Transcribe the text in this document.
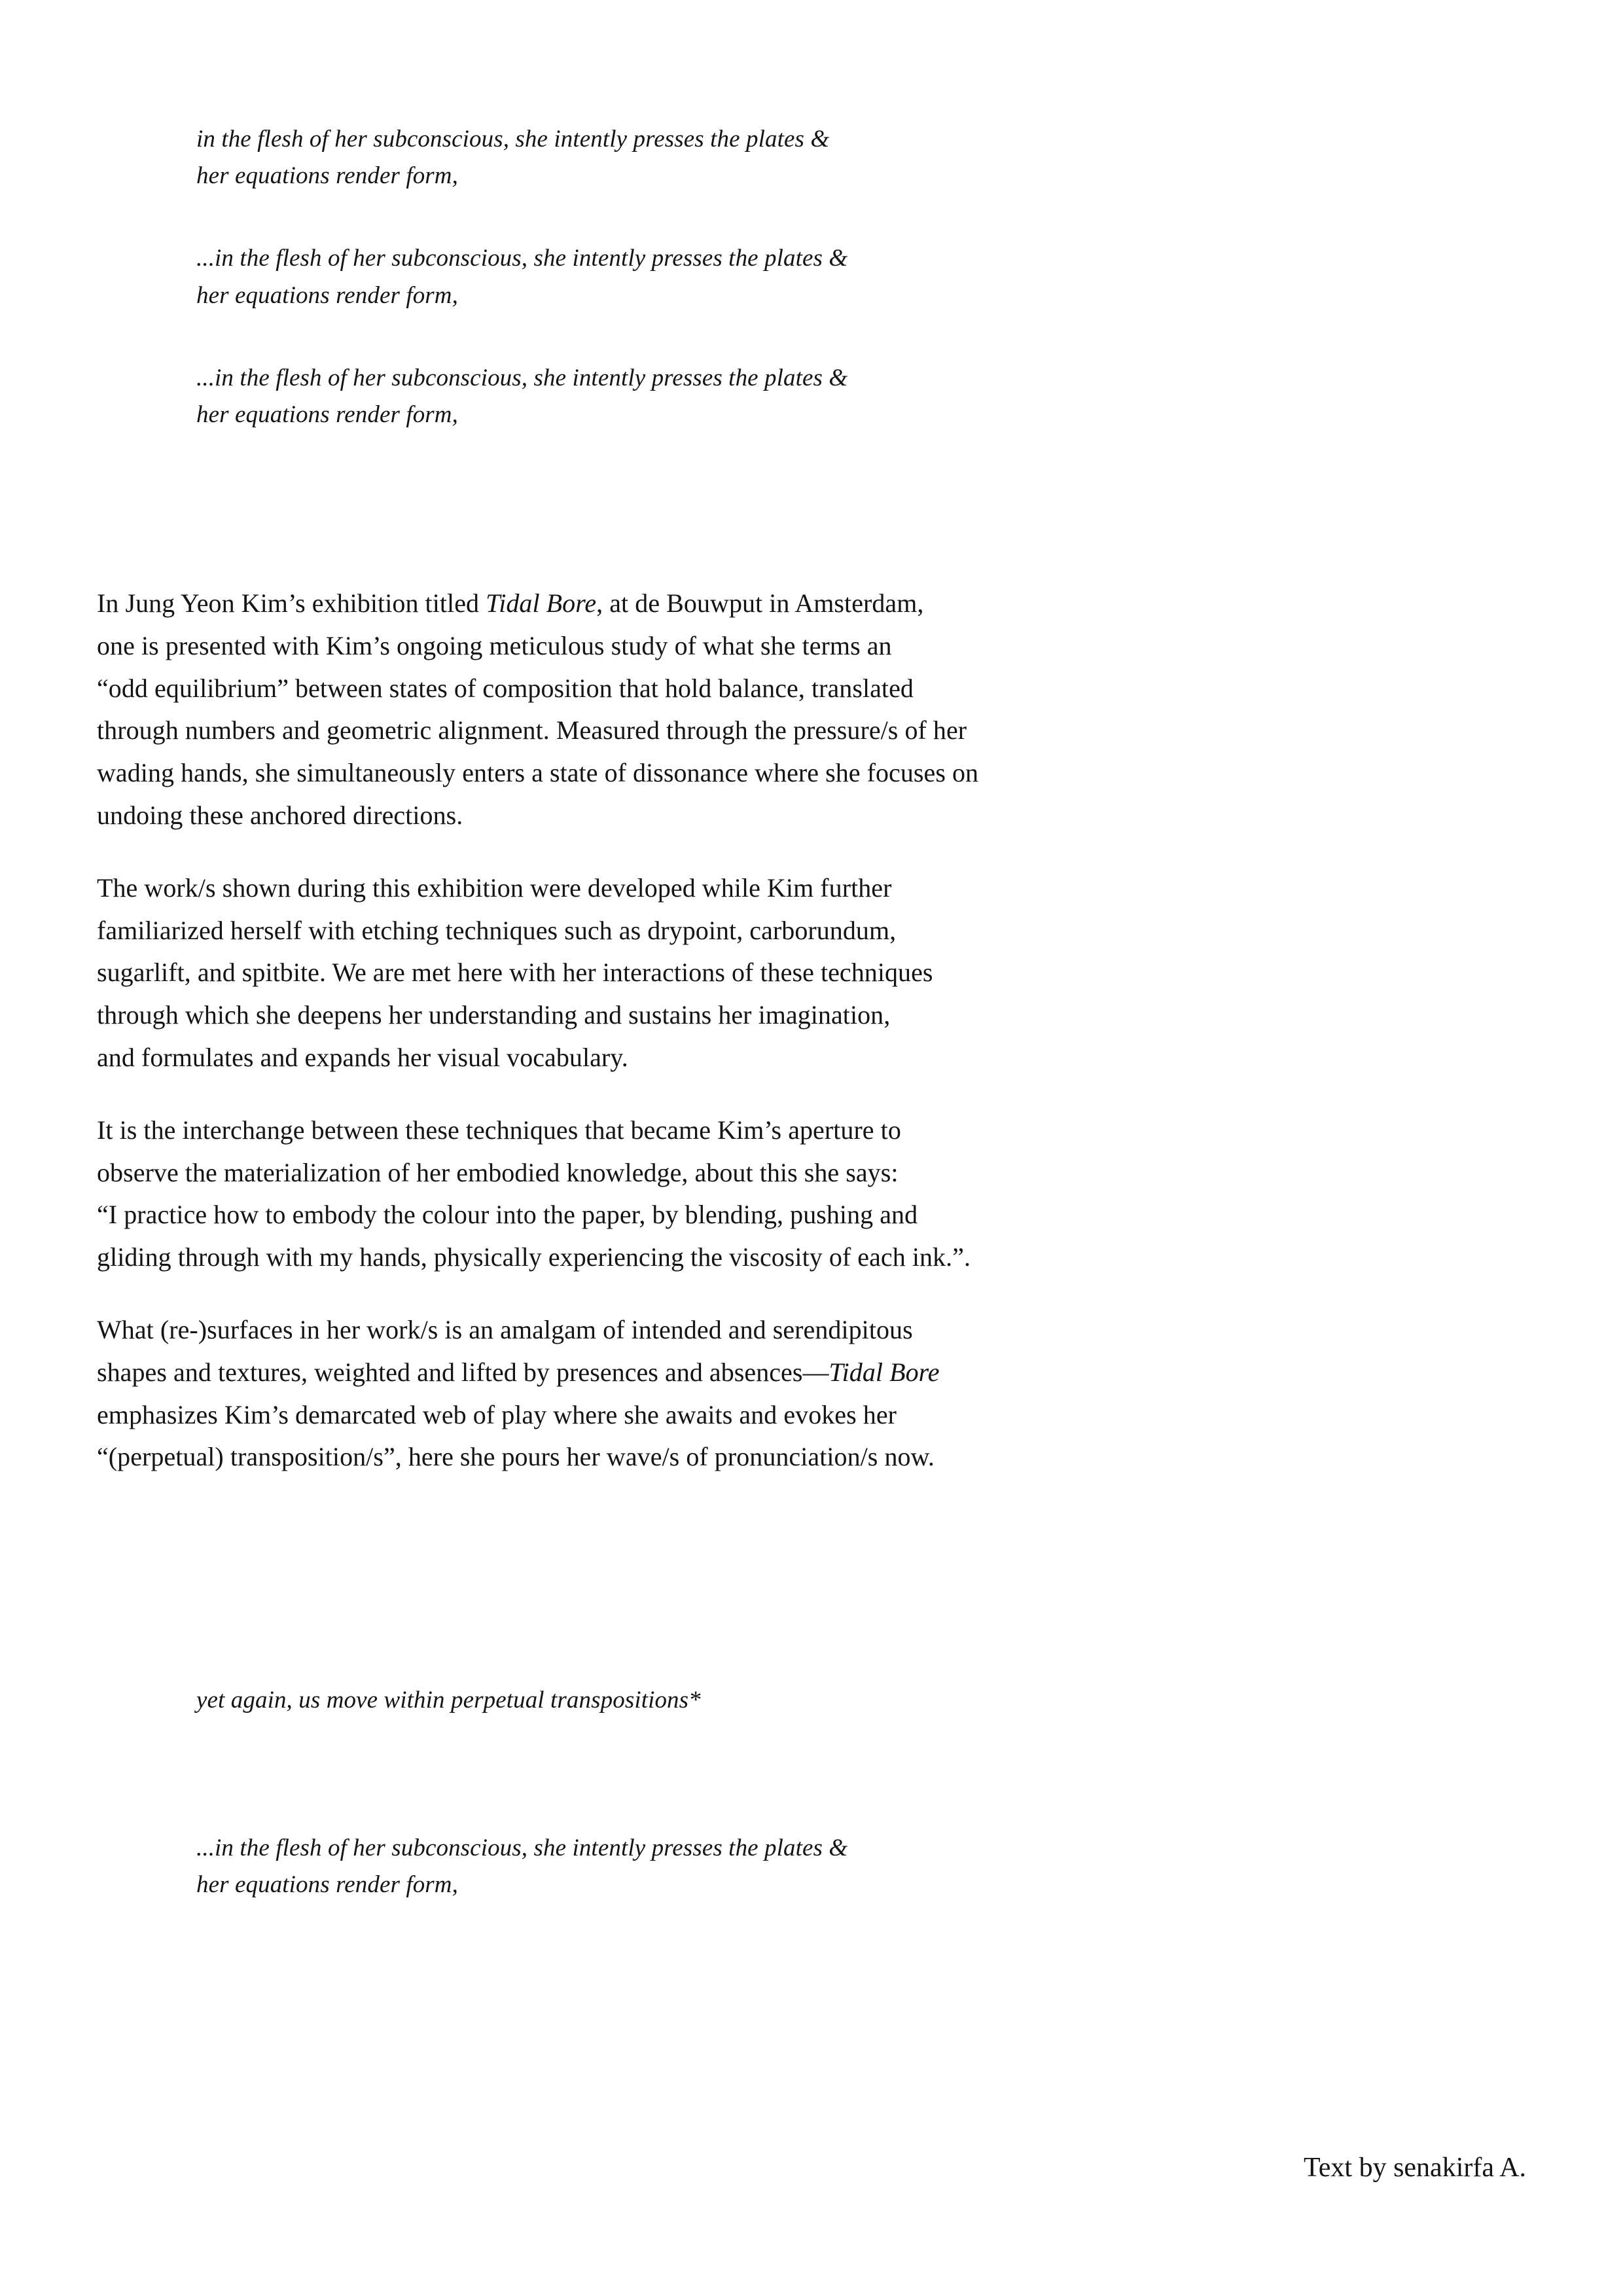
in the flesh of her subconscious, she intently presses the plates &
her equations render form,
...in the flesh of her subconscious, she intently presses the plates &
her equations render form,
...in the flesh of her subconscious, she intently presses the plates &
her equations render form,

In Jung Yeon Kim’s exhibition titled Tidal Bore, at de Bouwput in Amsterdam,
one is presented with Kim’s ongoing meticulous study of what she terms an
“odd equilibrium” between states of composition that hold balance, translated
through numbers and geometric alignment. Measured through the pressure/s of her
wading hands, she simultaneously enters a state of dissonance where she focuses on
undoing these anchored directions.

The work/s shown during this exhibition were developed while Kim further
familiarized herself with etching techniques such as drypoint, carborundum,
sugarlift, and spitbite. We are met here with her interactions of these techniques
through which she deepens her understanding and sustains her imagination,
and formulates and expands her visual vocabulary.

It is the interchange between these techniques that became Kim’s aperture to
observe the materialization of her embodied knowledge, about this she says:
“I practice how to embody the colour into the paper, by blending, pushing and
gliding through with my hands, physically experiencing the viscosity of each ink.”.

What (re-)surfaces in her work/s is an amalgam of intended and serendipitous
shapes and textures, weighted and lifted by presences and absences—Tidal Bore
emphasizes Kim’s demarcated web of play where she awaits and evokes her
“(perpetual) transposition/s”, here she pours her wave/s of pronunciation/s now.

yet again, us move within perpetual transpositions*
...in the flesh of her subconscious, she intently presses the plates &
her equations render form,
Text by senakirfa A.
